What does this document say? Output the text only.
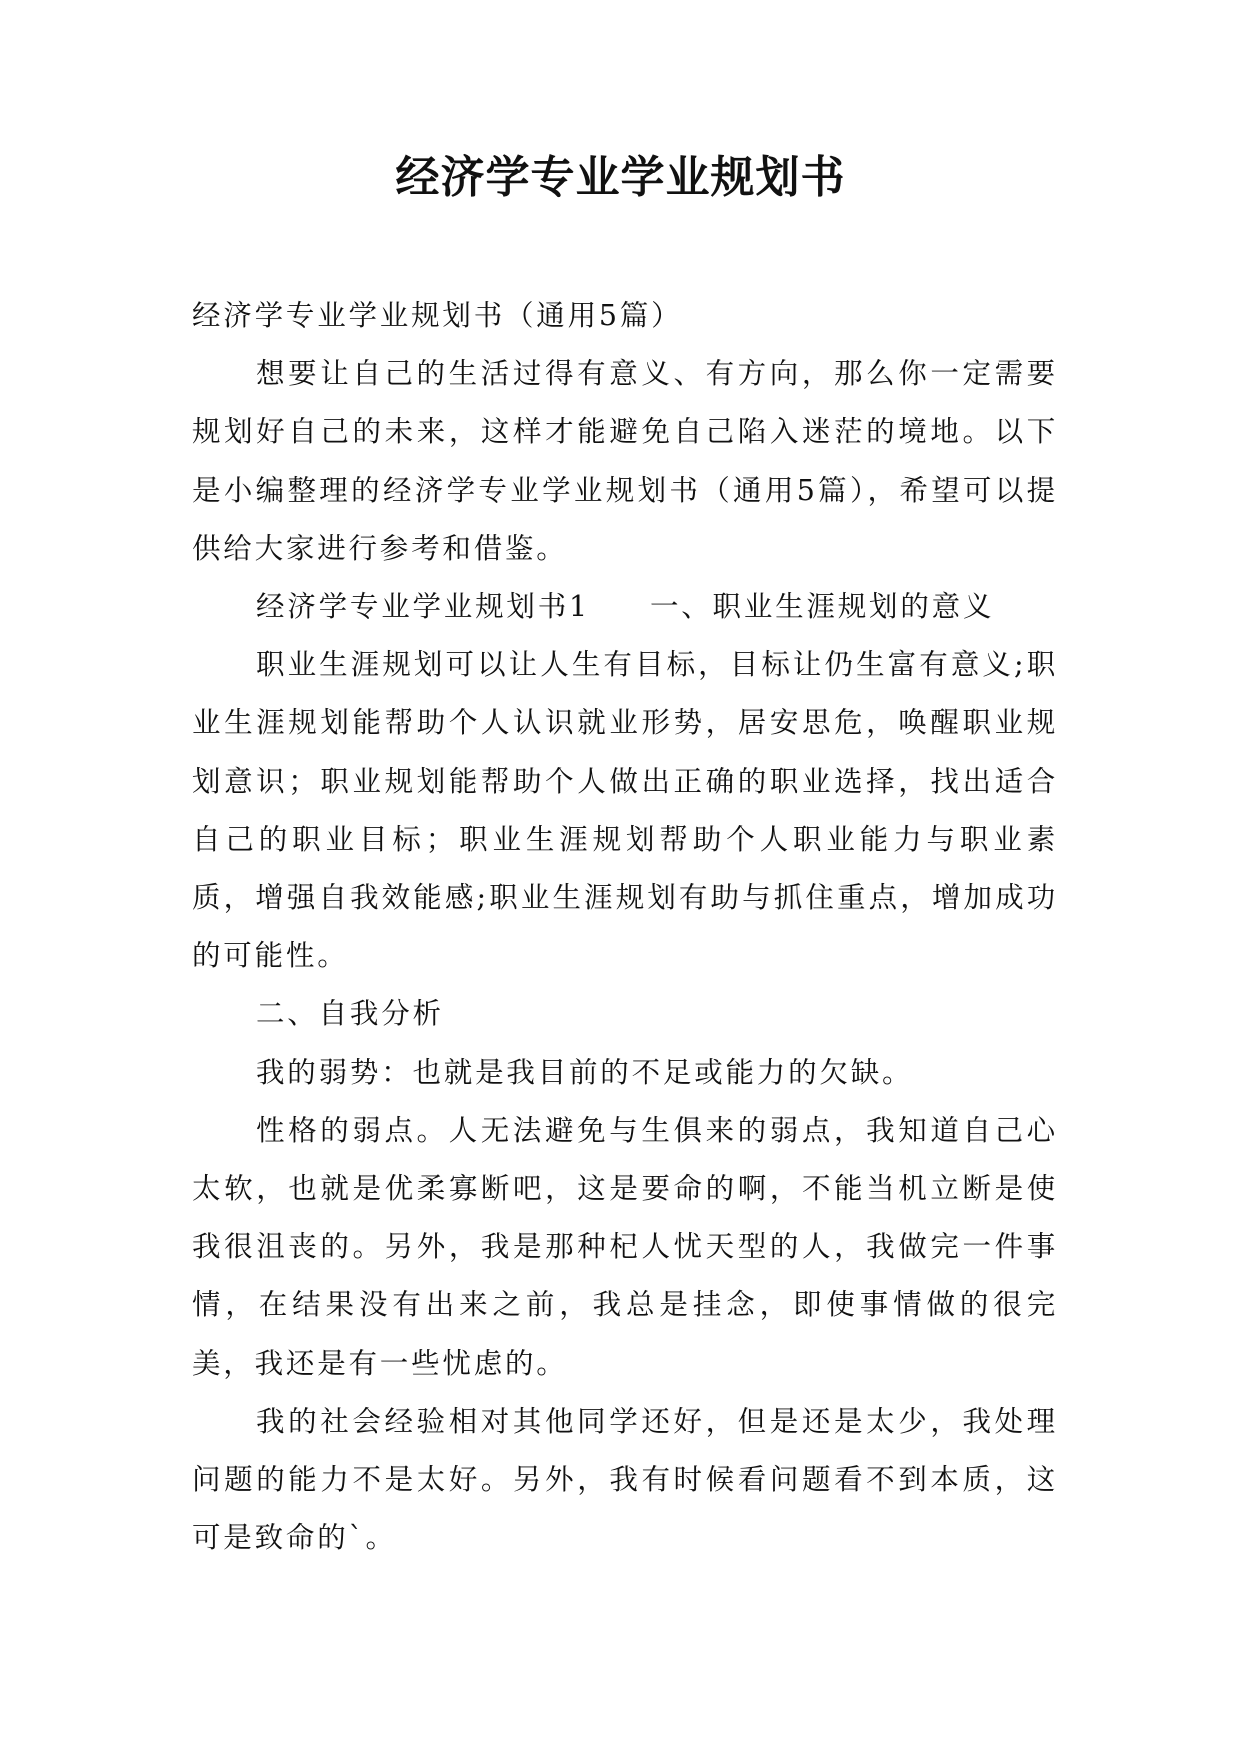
经济学专业学业规划书

经济学专业学业规划书（通用5篇）

想要让自己的生活过得有意义、有方向，那么你一定需要规划好自己的未来，这样才能避免自己陷入迷茫的境地。以下是小编整理的经济学专业学业规划书（通用5篇），希望可以提供给大家进行参考和借鉴。

经济学专业学业规划书1 一、职业生涯规划的意义

职业生涯规划可以让人生有目标，目标让仍生富有意义;职业生涯规划能帮助个人认识就业形势，居安思危，唤醒职业规划意识；职业规划能帮助个人做出正确的职业选择，找出适合自己的职业目标；职业生涯规划帮助个人职业能力与职业素质，增强自我效能感;职业生涯规划有助与抓住重点，增加成功的可能性。

二、自我分析

我的弱势：也就是我目前的不足或能力的欠缺。

性格的弱点。人无法避免与生俱来的弱点，我知道自己心太软，也就是优柔寡断吧，这是要命的啊，不能当机立断是使我很沮丧的。另外，我是那种杞人忧天型的人，我做完一件事情，在结果没有出来之前，我总是挂念，即使事情做的很完美，我还是有一些忧虑的。

我的社会经验相对其他同学还好，但是还是太少，我处理问题的能力不是太好。另外，我有时候看问题看不到本质，这可是致命的`。
